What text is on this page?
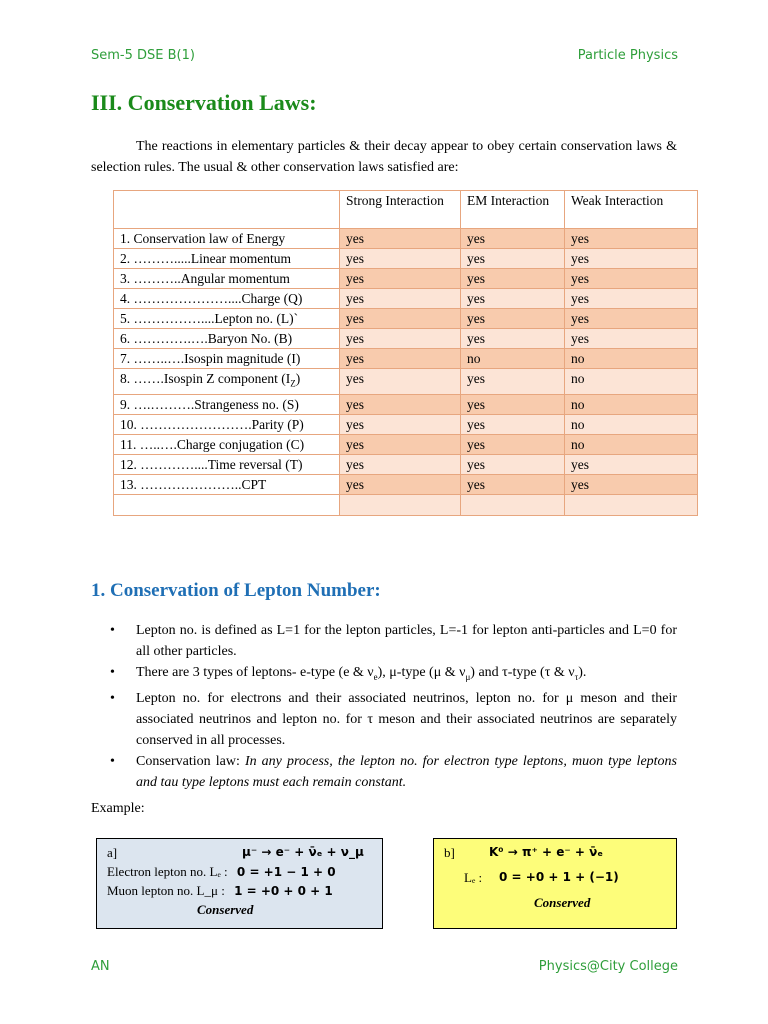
Sem-5 DSE B(1)	Particle Physics
III. Conservation Laws:

The reactions in elementary particles & their decay appear to obey certain conservation laws & selection rules. The usual & other conservation laws satisfied are:

	Strong Interaction	EM Interaction	Weak Interaction
1. Conservation law of Energy	yes	yes	yes
2. ……….....Linear momentum	yes	yes	yes
3. ………..Angular momentum	yes	yes	yes
4. …………………....Charge (Q)	yes	yes	yes
5. ……………....Lepton no. (L)`	yes	yes	yes
6. ………….….Baryon No. (B)	yes	yes	yes
7. ……..….Isospin magnitude (I)	yes	no	no
8. …….Isospin Z component $(I_Z)$	yes	yes	no
9. ….……….Strangeness no. (S)	yes	yes	no
10. …………………….Parity (P)	yes	yes	no
11. …..….Charge conjugation (C)	yes	yes	no
12. …………....Time reversal (T)	yes	yes	yes
13. …………………..CPT	yes	yes	yes

1. Conservation of Lepton Number:
• Lepton no. is defined as L=1 for the lepton particles, L=-1 for lepton anti-particles and L=0 for all other particles.
• There are 3 types of leptons- e-type (e & $\nu_e$), μ-type (μ & $\nu_\mu$) and τ-type (τ & $\nu_\tau$).
• Lepton no. for electrons and their associated neutrinos, lepton no. for μ meson and their associated neutrinos and lepton no. for τ meson and their associated neutrinos are separately conserved in all processes.
• Conservation law: In any process, the lepton no. for electron type leptons, muon type leptons and tau type leptons must each remain constant.
Example:
a]	μ⁻ → e⁻ + ν̄ₑ + ν_μ
Electron lepton no. Lₑ : 0 = +1 − 1 + 0
Muon lepton no. L_μ : 1 = +0 + 0 + 1
Conserved
b]	K⁰ → π⁺ + e⁻ + ν̄ₑ
Lₑ : 0 = +0 + 1 + (−1)
Conserved
AN	Physics@City College
